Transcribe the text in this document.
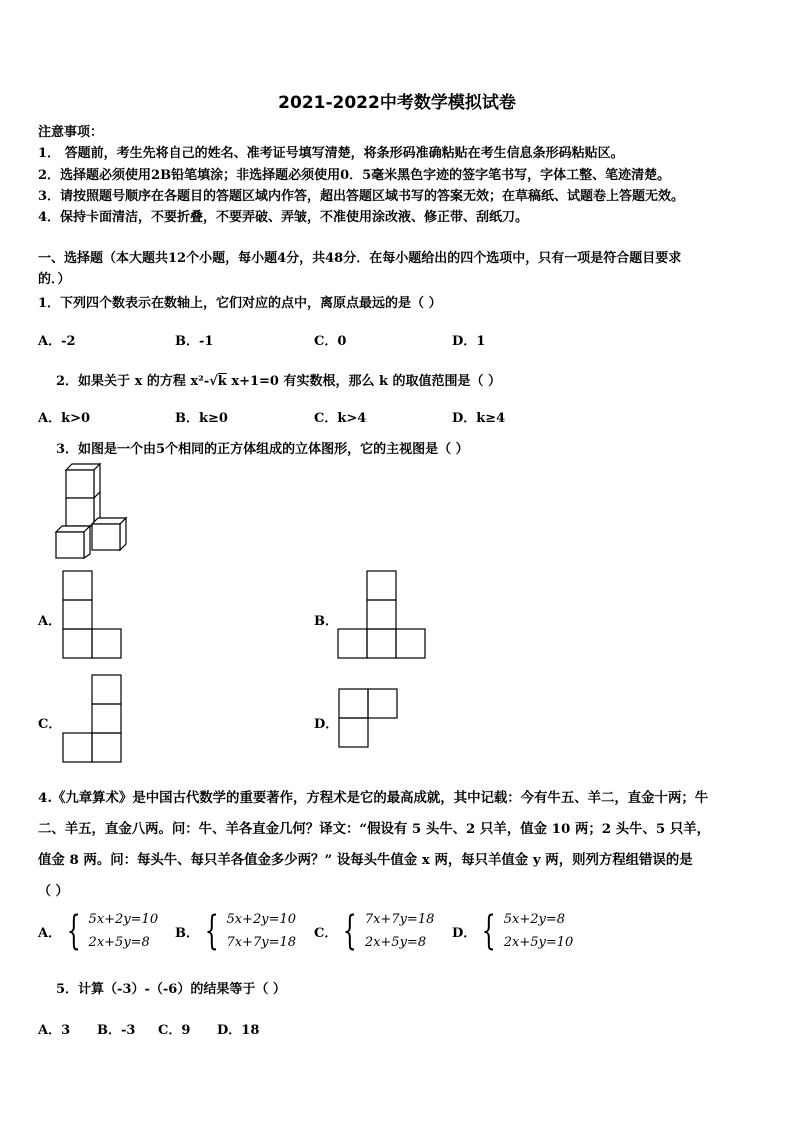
2021-2022中考数学模拟试卷
注意事项：
1． 答题前，考生先将自己的姓名、准考证号填写清楚，将条形码准确粘贴在考生信息条形码粘贴区。
2．选择题必须使用2B铅笔填涂；非选择题必须使用0．5毫米黑色字迹的签字笔书写，字体工整、笔迹清楚。
3．请按照题号顺序在各题目的答题区域内作答，超出答题区域书写的答案无效；在草稿纸、试题卷上答题无效。
4．保持卡面清洁，不要折叠，不要弄破、弄皱，不准使用涂改液、修正带、刮纸刀。
一、选择题（本大题共12个小题，每小题4分，共48分．在每小题给出的四个选项中，只有一项是符合题目要求
的．）
1．下列四个数表示在数轴上，它们对应的点中，离原点最远的是（ ）
A．-2	B．-1	C．0	D．1
2．如果关于 x 的方程 x²-√k x+1=0 有实数根，那么 k 的取值范围是（ ）
A．k>0	B．k≥0	C．k>4	D．k≥4
3．如图是一个由5个相同的正方体组成的立体图形，它的主视图是（ ）
A．	B．
C．	D．
4.《九章算术》是中国古代数学的重要著作，方程术是它的最高成就，其中记载：今有牛五、羊二，直金十两；牛
二、羊五，直金八两。问：牛、羊各直金几何？译文：“假设有 5 头牛、2 只羊，值金 10 两；2 头牛、5 只羊，
值金 8 两。问：每头牛、每只羊各值金多少两？” 设每头牛值金 x 两，每只羊值金 y 两，则列方程组错误的是
（ ）
A． { 5x+2y=10
2x+5y=8
B． { 5x+2y=10
7x+7y=18
C． { 7x+7y=18
2x+5y=8
D． { 5x+2y=8
2x+5y=10
5．计算（-3）-（-6）的结果等于（ ）
A．3 B．-3 C．9 D．18
